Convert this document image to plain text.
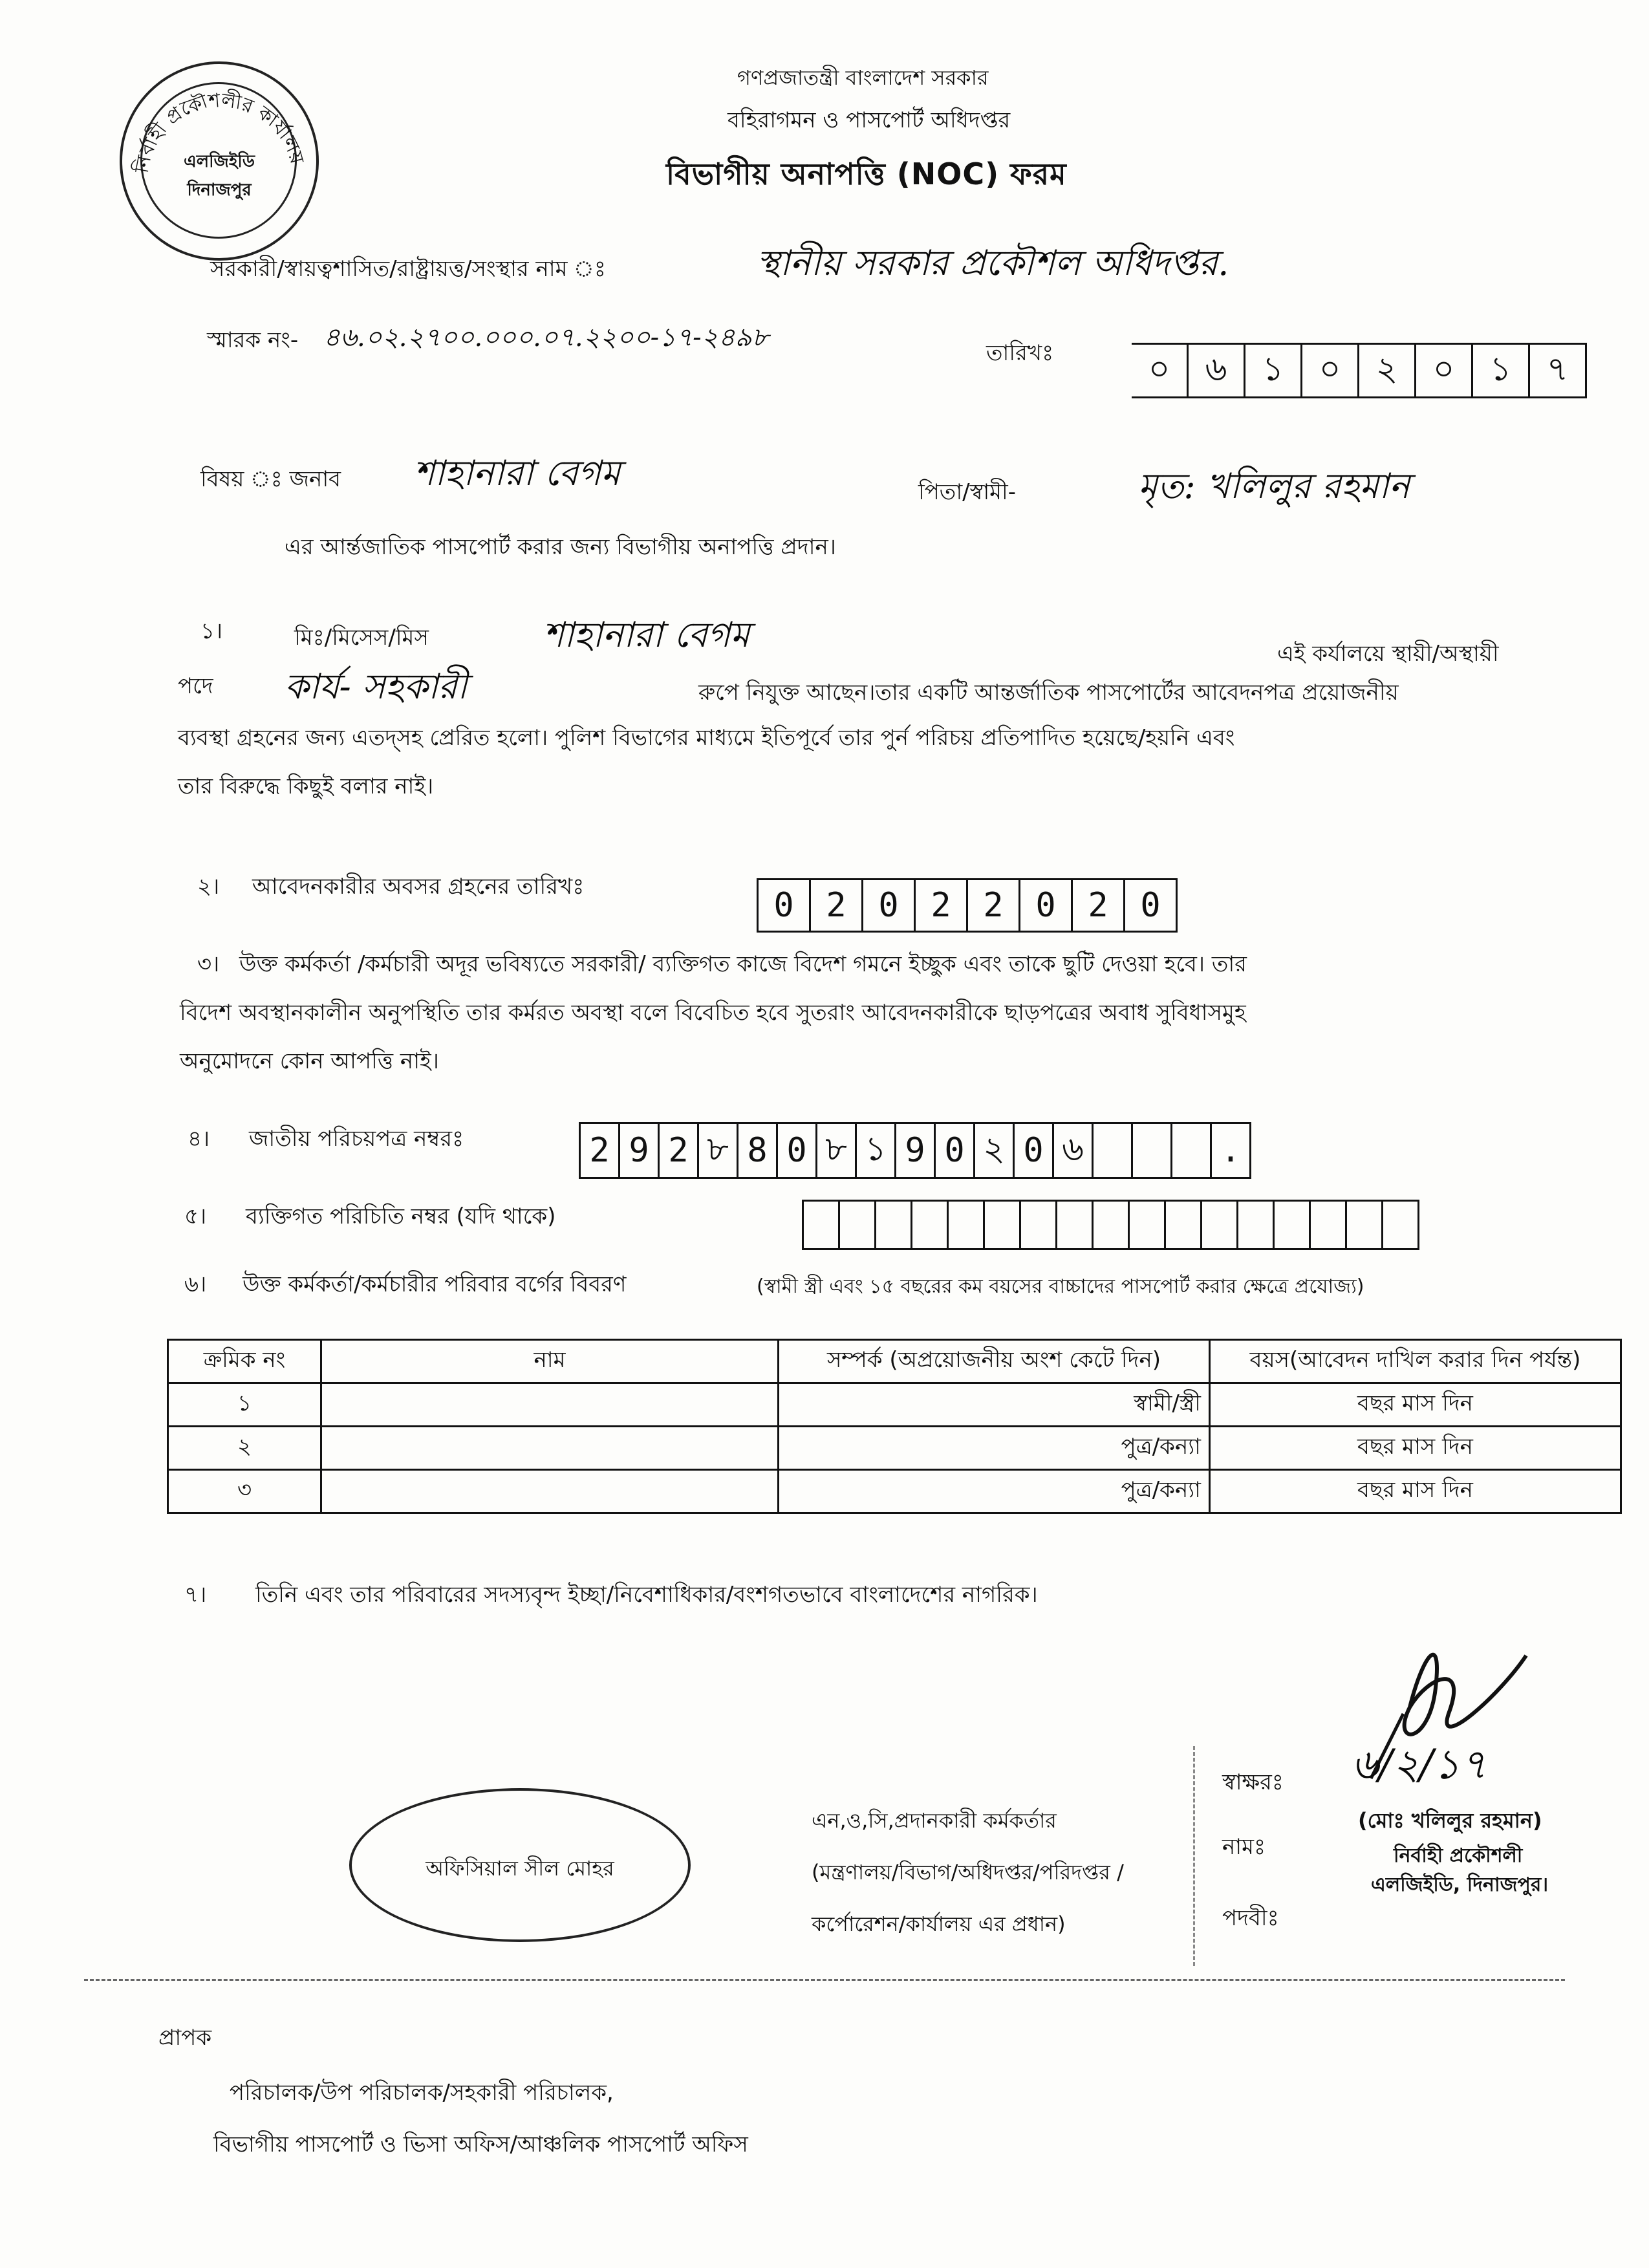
নির্বাহী প্রকৌশলীর কার্যালয়
এলজিইডি দিনাজপুর
গণপ্রজাতন্ত্রী বাংলাদেশ সরকার
বহিরাগমন ও পাসপোর্ট অধিদপ্তর
বিভাগীয় অনাপত্তি (NOC) ফরম
সরকারী/স্বায়ত্বশাসিত/রাষ্ট্রায়ত্ত/সংস্থার নাম ঃ	স্থানীয় সরকার প্রকৌশল অধিদপ্তর.
স্মারক নং- ৪৬.০২.২৭০০.০০০.০৭.২২০০-১৭-২৪৯৮
তারিখঃ	০	৬	১	০	২	০	১	৭
বিষয় ঃ জনাব শাহানারা বেগম	পিতা/স্বামী-	মৃত: খলিলুর রহমান
এর আর্ন্তজাতিক পাসপোর্ট করার জন্য বিভাগীয় অনাপত্তি প্রদান।
১।	মিঃ/মিসেস/মিস	শাহানারা বেগম	এই কর্যালয়ে স্থায়ী/অস্থায়ী
পদে কার্য- সহকারী	রুপে নিযুক্ত আছেন।তার একটি আন্তর্জাতিক পাসপোর্টের আবেদনপত্র প্রয়োজনীয়
ব্যবস্থা গ্রহনের জন্য এতদ্‌সহ প্রেরিত হলো। পুলিশ বিভাগের মাধ্যমে ইতিপূর্বে তার পুর্ন পরিচয় প্রতিপাদিত হয়েছে/হয়নি এবং
তার বিরুদ্ধে কিছুই বলার নাই।
২। আবেদনকারীর অবসর গ্রহনের তারিখঃ	0 2 0 2 2 0 2 0
৩। উক্ত কর্মকর্তা /কর্মচারী অদূর ভবিষ্যতে সরকারী/ ব্যক্তিগত কাজে বিদেশ গমনে ইচ্ছুক এবং তাকে ছুটি দেওয়া হবে। তার
বিদেশ অবস্থানকালীন অনুপস্থিতি তার কর্মরত অবস্থা বলে বিবেচিত হবে সুতরাং আবেদনকারীকে ছাড়পত্রের অবাধ সুবিধাসমুহ
অনুমোদনে কোন আপত্তি নাই।
৪। জাতীয় পরিচয়পত্র নম্বরঃ	2 9 2 ৮ 8 0 ৮ ১ 9 0 ২ 0 ৬	.
৫। ব্যক্তিগত পরিচিতি নম্বর (যদি থাকে)
৬। উক্ত কর্মকর্তা/কর্মচারীর পরিবার বর্গের বিবরণ	(স্বামী স্ত্রী এবং ১৫ বছরের কম বয়সের বাচ্চাদের পাসপোর্ট করার ক্ষেত্রে প্রযোজ্য)
ক্রমিক নং	নাম	সম্পর্ক (অপ্রয়োজনীয় অংশ কেটে দিন)	বয়স(আবেদন দাখিল করার দিন পর্যন্ত)
১		স্বামী/স্ত্রী	বছর মাস দিন
২		পুত্র/কন্যা	বছর মাস দিন
৩		পুত্র/কন্যা	বছর মাস দিন
৭। তিনি এবং তার পরিবারের সদস্যবৃন্দ ইচ্ছা/নিবেশাধিকার/বংশগতভাবে বাংলাদেশের নাগরিক।
অফিসিয়াল সীল মোহর
এন,ও,সি,প্রদানকারী কর্মকর্তার
(মন্ত্রণালয়/বিভাগ/অধিদপ্তর/পরিদপ্তর /
কর্পোরেশন/কার্যালয় এর প্রধান)
স্বাক্ষরঃ ৬/২/১৭
নামঃ
(মোঃ খলিলুর রহমান)
নির্বাহী প্রকৌশলী
এলজিইডি, দিনাজপুর।
পদবীঃ
প্রাপক
পরিচালক/উপ পরিচালক/সহকারী পরিচালক,
বিভাগীয় পাসপোর্ট ও ভিসা অফিস/আঞ্চলিক পাসপোর্ট অফিস
